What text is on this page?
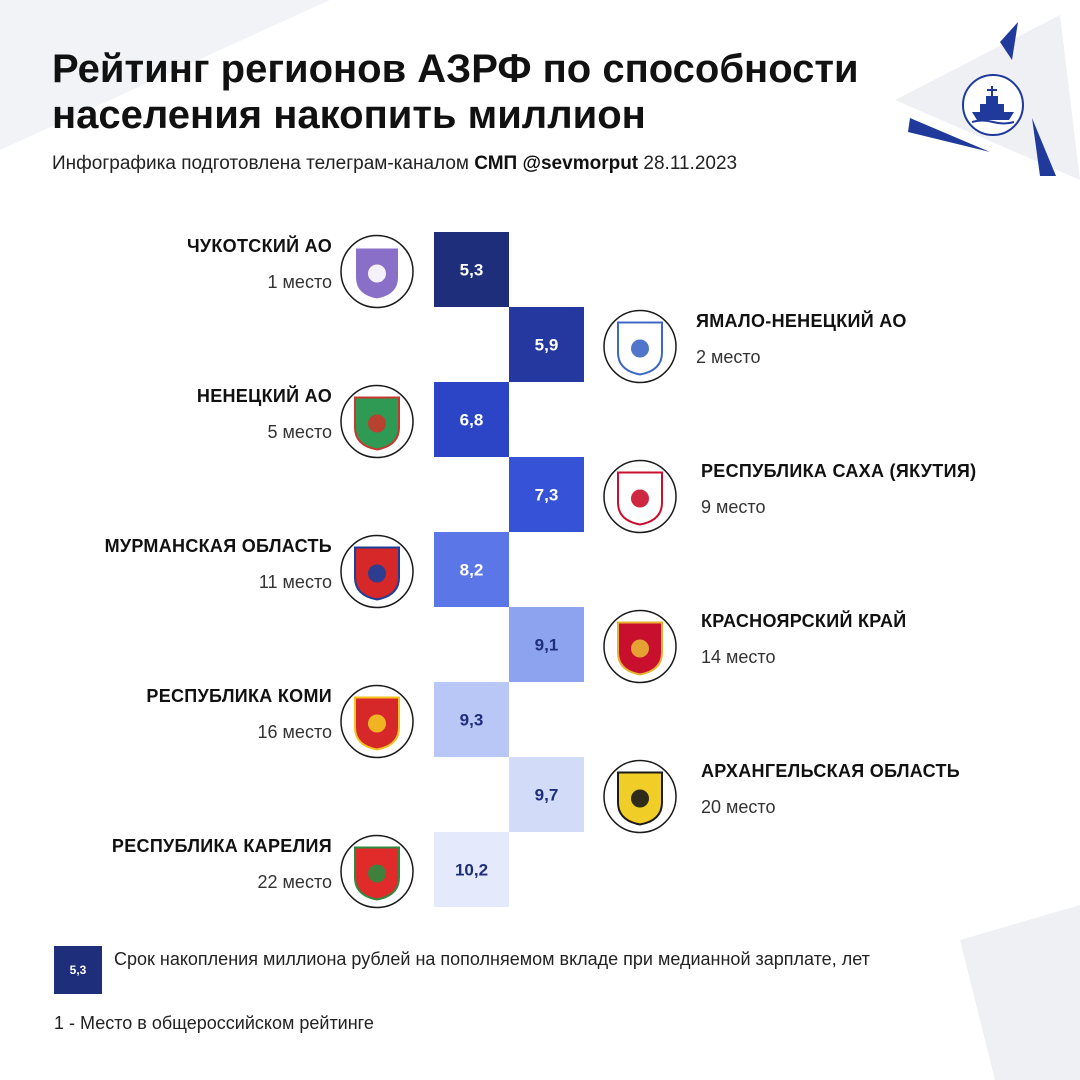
Рейтинг регионов АЗРФ по способности населения накопить миллион

Инфографика подготовлена телеграм-каналом СМП @sevmorput 28.11.2023

5,3
ЧУКОТСКИЙ АО
1 место
5,9
ЯМАЛО-НЕНЕЦКИЙ АО
2 место
6,8
НЕНЕЦКИЙ АО
5 место
7,3
РЕСПУБЛИКА САХА (ЯКУТИЯ)
9 место
8,2
МУРМАНСКАЯ ОБЛАСТЬ
11 место
9,1
КРАСНОЯРСКИЙ КРАЙ
14 место
9,3
РЕСПУБЛИКА КОМИ
16 место
9,7
АРХАНГЕЛЬСКАЯ ОБЛАСТЬ
20 место
10,2
РЕСПУБЛИКА КАРЕЛИЯ
22 место
5,3

Срок накопления миллиона рублей на пополняемом вкладе при медианной зарплате, лет

1 - Место в общероссийском рейтинге
